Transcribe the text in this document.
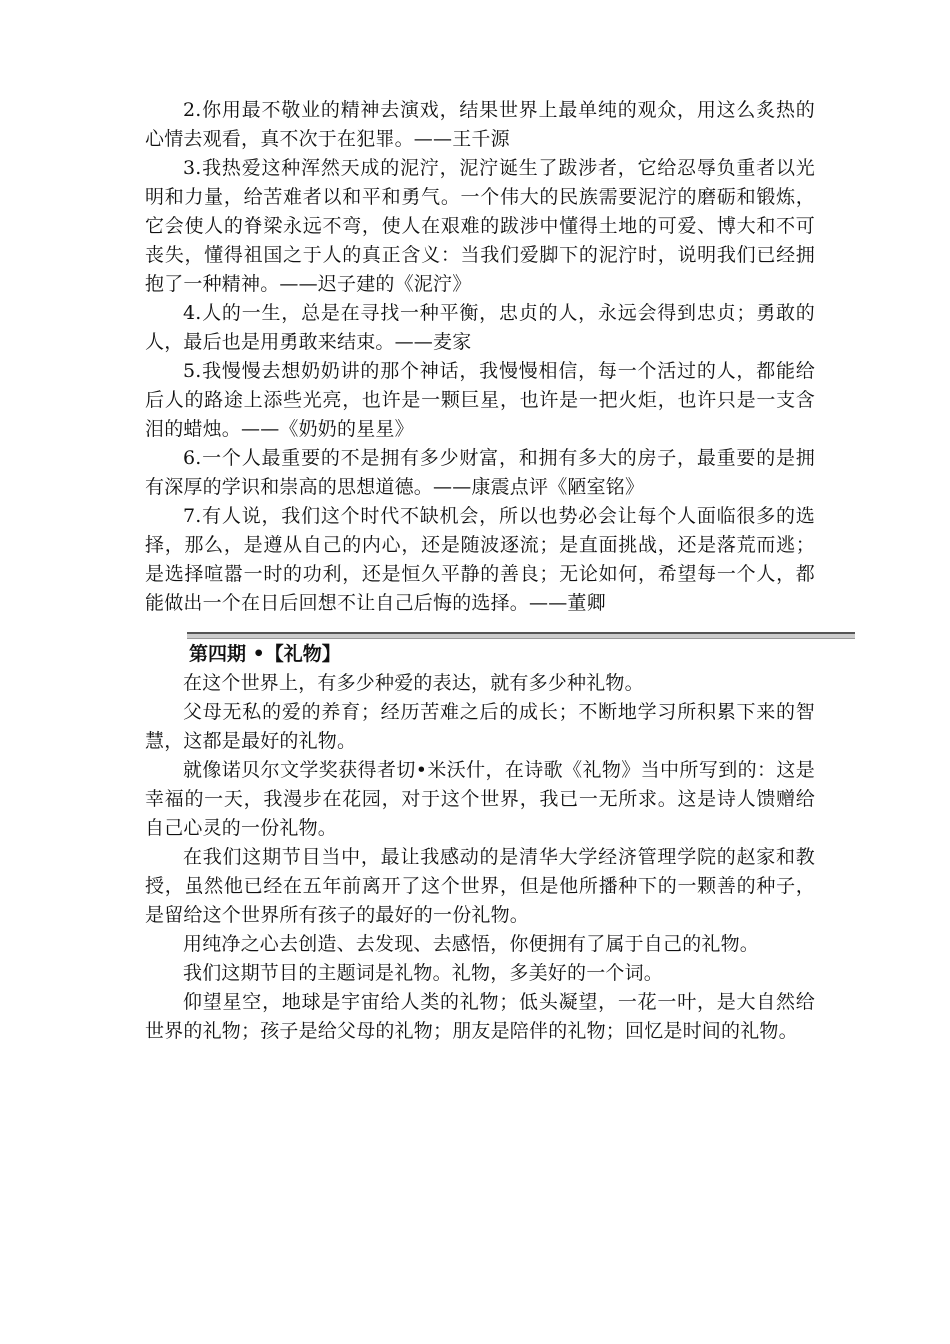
2.你用最不敬业的精神去演戏，结果世界上最单纯的观众，用这么炙热的心情去观看，真不次于在犯罪。——王千源

3.我热爱这种浑然天成的泥泞，泥泞诞生了跋涉者，它给忍辱负重者以光明和力量，给苦难者以和平和勇气。一个伟大的民族需要泥泞的磨砺和锻炼，它会使人的脊梁永远不弯，使人在艰难的跋涉中懂得土地的可爱、博大和不可丧失，懂得祖国之于人的真正含义：当我们爱脚下的泥泞时，说明我们已经拥抱了一种精神。——迟子建的《泥泞》

4.人的一生，总是在寻找一种平衡，忠贞的人，永远会得到忠贞；勇敢的人，最后也是用勇敢来结束。——麦家

5.我慢慢去想奶奶讲的那个神话，我慢慢相信，每一个活过的人，都能给后人的路途上添些光亮，也许是一颗巨星，也许是一把火炬，也许只是一支含泪的蜡烛。——《奶奶的星星》

6.一个人最重要的不是拥有多少财富，和拥有多大的房子，最重要的是拥有深厚的学识和崇高的思想道德。——康震点评《陋室铭》

7.有人说，我们这个时代不缺机会，所以也势必会让每个人面临很多的选择，那么，是遵从自己的内心，还是随波逐流；是直面挑战，还是落荒而逃；是选择喧嚣一时的功利，还是恒久平静的善良；无论如何，希望每一个人，都能做出一个在日后回想不让自己后悔的选择。——董卿

第四期 •【礼物】

在这个世界上，有多少种爱的表达，就有多少种礼物。

父母无私的爱的养育；经历苦难之后的成长；不断地学习所积累下来的智慧，这都是最好的礼物。

就像诺贝尔文学奖获得者切•米沃什，在诗歌《礼物》当中所写到的：这是幸福的一天，我漫步在花园，对于这个世界，我已一无所求。这是诗人馈赠给自己心灵的一份礼物。

在我们这期节目当中，最让我感动的是清华大学经济管理学院的赵家和教授，虽然他已经在五年前离开了这个世界，但是他所播种下的一颗善的种子，是留给这个世界所有孩子的最好的一份礼物。

用纯净之心去创造、去发现、去感悟，你便拥有了属于自己的礼物。

我们这期节目的主题词是礼物。礼物，多美好的一个词。

仰望星空，地球是宇宙给人类的礼物；低头凝望，一花一叶，是大自然给世界的礼物；孩子是给父母的礼物；朋友是陪伴的礼物；回忆是时间的礼物。
